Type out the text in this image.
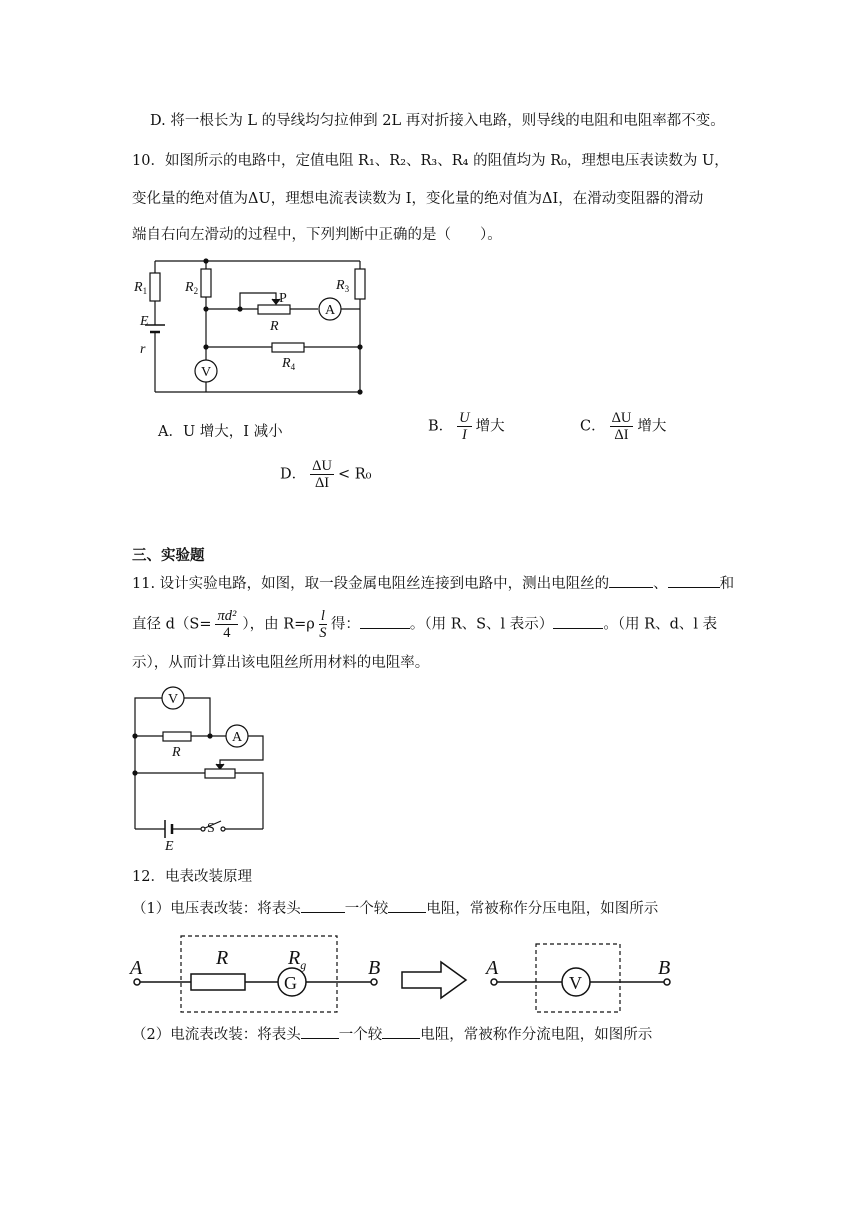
D. 将一根长为 L 的导线均匀拉伸到 2L 再对折接入电路，则导线的电阻和电阻率都不变。
10．如图所示的电路中，定值电阻 R₁、R₂、R₃、R₄ 的阻值均为 R₀，理想电压表读数为 U，
变化量的绝对值为ΔU，理想电流表读数为 I，变化量的绝对值为ΔI，在滑动变阻器的滑动
端自右向左滑动的过程中，下列判断中正确的是（　　）。
$R_1$	$R_2$	$R_3$
$R_4$
E
r
P
R
A
V
A．U 增大，I 减小	B． $\frac{U}{I}$ 增大	C． $\frac{\Delta U}{\Delta I}$ 增大
D． $\frac{\Delta U}{\Delta I} < R_0$
三、实验题
11. 设计实验电路，如图，取一段金属电阻丝连接到电路中，测出电阻丝的	、	和
直径 $d(S= \frac{\text{πd²}}{4}$ ），由 $R=\rho \frac{l}{S}$ 得：	。（用 R、S、l 表示）	。（用 R、d、l 表
示），从而计算出该电阻丝所用材料的电阻率。
V
R
A
E
S
12．电表改装原理
（1）电压表改装：将表头	一个较	电阻，常被称作分压电阻，如图所示
A	R	$R_g$
G
B	A
V
B
（2）电流表改装：将表头	一个较	电阻，常被称作分流电阻，如图所示
